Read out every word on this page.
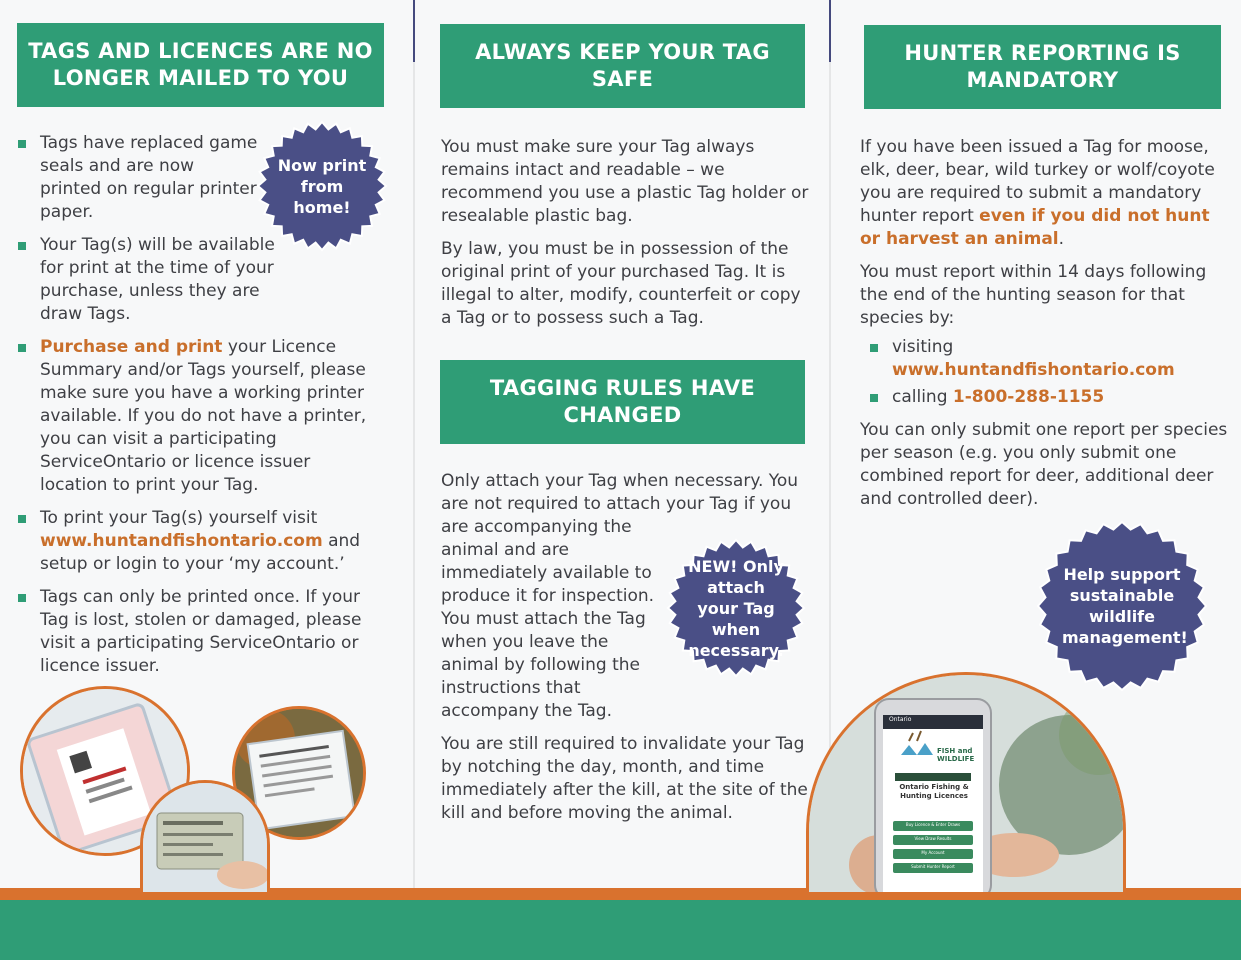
TAGS AND LICENCES ARE NO LONGER MAILED TO YOU
Tags have replaced game seals and are now printed on regular printer paper.
Your Tag(s) will be available for print at the time of your purchase, unless they are draw Tags.
Purchase and print your Licence Summary and/or Tags yourself, please make sure you have a working printer available. If you do not have a printer, you can visit a participating ServiceOntario or licence issuer location to print your Tag.
To print your Tag(s) yourself visit www.huntandfishontario.com and setup or login to your ‘my account.’
Tags can only be printed once. If your Tag is lost, stolen or damaged, please visit a participating ServiceOntario or licence issuer.
Now print from home!
ALWAYS KEEP YOUR TAG SAFE

You must make sure your Tag always remains intact and readable – we recommend you use a plastic Tag holder or resealable plastic bag.

By law, you must be in possession of the original print of your purchased Tag. It is illegal to alter, modify, counterfeit or copy a Tag or to possess such a Tag.

TAGGING RULES HAVE CHANGED
Only attach your Tag when necessary. You
are not required to attach your Tag if you
are accompanying the animal and are immediately available to produce it for inspection. You must attach the Tag when you leave the animal by following the instructions that accompany the Tag.

You are still required to invalidate your Tag by notching the day, month, and time immediately after the kill, at the site of the kill and before moving the animal.

NEW! Only attach your Tag when necessary.
HUNTER REPORTING IS MANDATORY

If you have been issued a Tag for moose, elk, deer, bear, wild turkey or wolf/coyote you are required to submit a mandatory hunter report even if you did not hunt or harvest an animal.

You must report within 14 days following the end of the hunting season for that species by:

visiting www.huntandfishontario.com
calling 1-800-288-1155

You can only submit one report per species per season (e.g. you only submit one combined report for deer, additional deer and controlled deer).

Help support sustainable wildlife management!
Ontario
FISH and WILDLIFE
Ontario Fishing & Hunting Licences
Buy Licence & Enter Draws
View Draw Results
My Account
Submit Hunter Report
